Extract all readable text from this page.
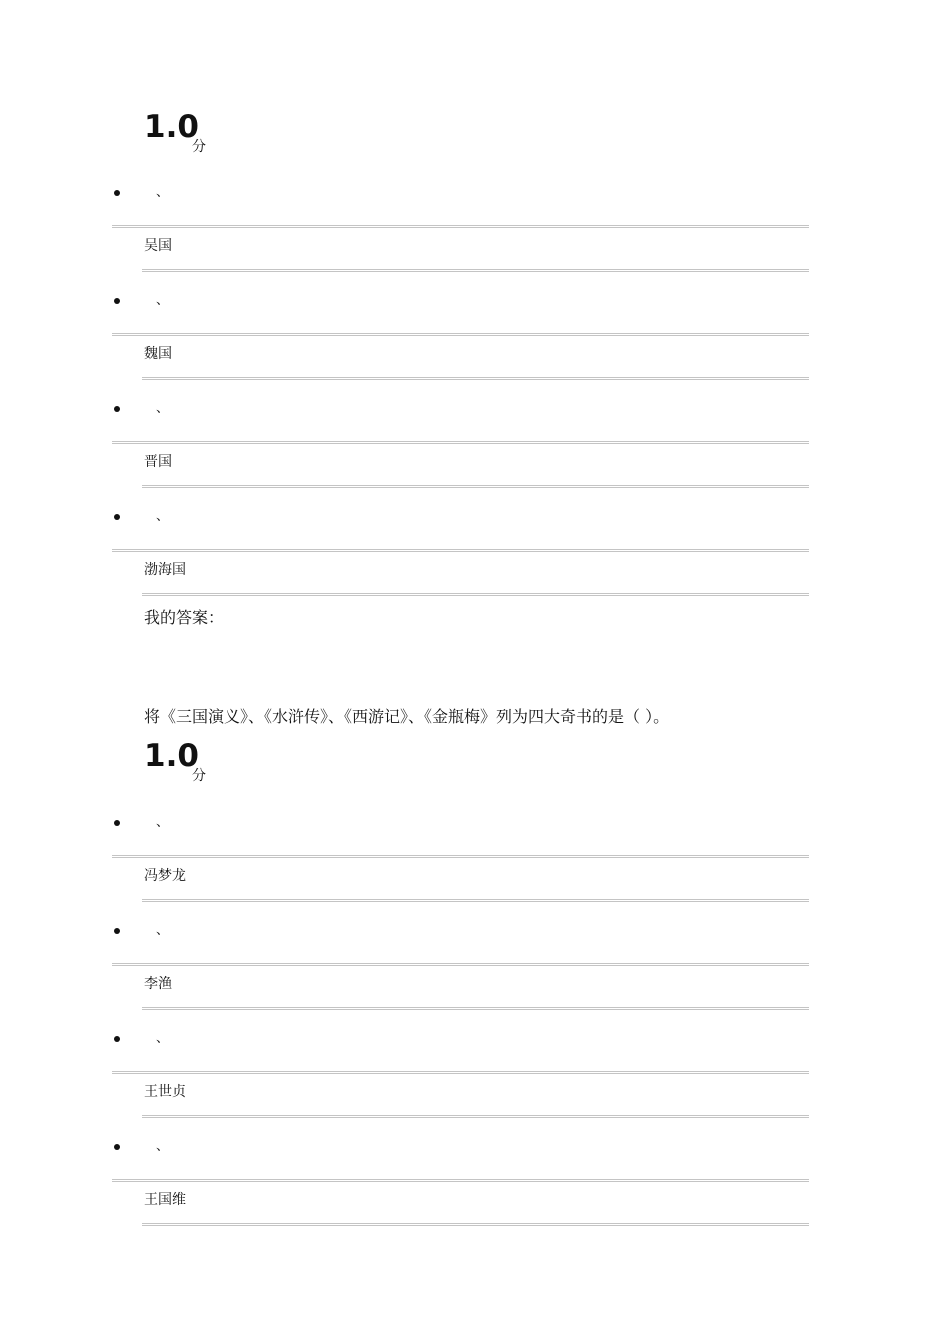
1.0
分
、
吴国
、
魏国
、
晋国
、
渤海国
我的答案：
将《三国演义》、《水浒传》、《西游记》、《金瓶梅》列为四大奇书的是（ ）。
1.0
分
、
冯梦龙
、
李渔
、
王世贞
、
王国维
